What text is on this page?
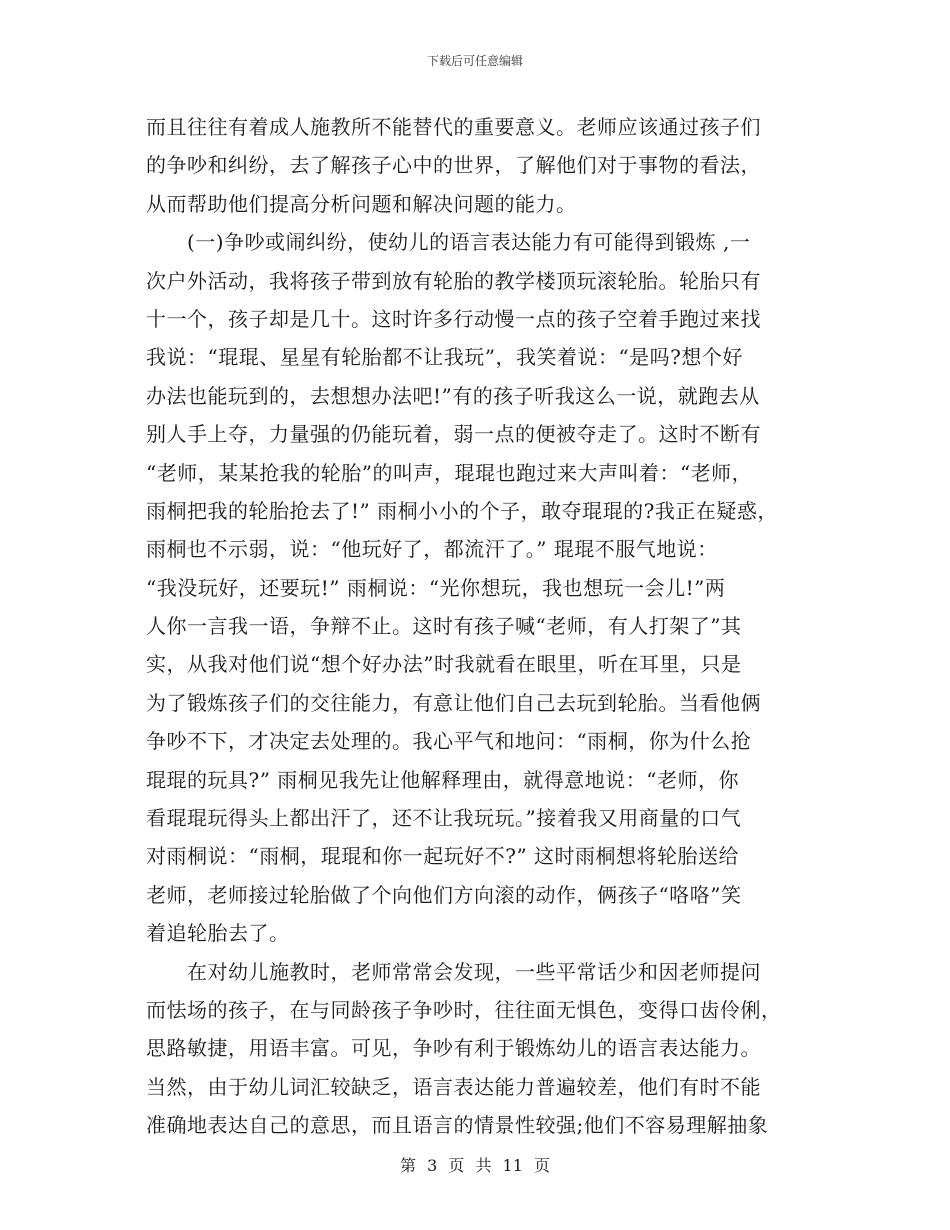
下载后可任意编辑
而且往往有着成人施教所不能替代的重要意义。老师应该通过孩子们
的争吵和纠纷，去了解孩子心中的世界，了解他们对于事物的看法，
从而帮助他们提高分析问题和解决问题的能力。
　　(一)争吵或闹纠纷，使幼儿的语言表达能力有可能得到锻炼 ,一
次户外活动，我将孩子带到放有轮胎的教学楼顶玩滚轮胎。轮胎只有
十一个，孩子却是几十。这时许多行动慢一点的孩子空着手跑过来找
我说：“琨琨、星星有轮胎都不让我玩”，我笑着说：“是吗?想个好
办法也能玩到的，去想想办法吧!”有的孩子听我这么一说，就跑去从
别人手上夺，力量强的仍能玩着，弱一点的便被夺走了。这时不断有
“老师，某某抢我的轮胎”的叫声，琨琨也跑过来大声叫着：“老师，
雨桐把我的轮胎抢去了!” 雨桐小小的个子，敢夺琨琨的?我正在疑惑，
雨桐也不示弱，说：“他玩好了，都流汗了。” 琨琨不服气地说：
“我没玩好，还要玩!” 雨桐说：“光你想玩，我也想玩一会儿!”两
人你一言我一语，争辩不止。这时有孩子喊“老师，有人打架了”其
实，从我对他们说“想个好办法”时我就看在眼里，听在耳里，只是
为了锻炼孩子们的交往能力，有意让他们自己去玩到轮胎。当看他俩
争吵不下，才决定去处理的。我心平气和地问：“雨桐，你为什么抢
琨琨的玩具?” 雨桐见我先让他解释理由，就得意地说：“老师，你
看琨琨玩得头上都出汗了，还不让我玩玩。”接着我又用商量的口气
对雨桐说：“雨桐，琨琨和你一起玩好不?” 这时雨桐想将轮胎送给
老师，老师接过轮胎做了个向他们方向滚的动作，俩孩子“咯咯”笑
着追轮胎去了。
　　在对幼儿施教时，老师常常会发现，一些平常话少和因老师提问
而怯场的孩子，在与同龄孩子争吵时，往往面无惧色，变得口齿伶俐，
思路敏捷，用语丰富。可见，争吵有利于锻炼幼儿的语言表达能力。
当然，由于幼儿词汇较缺乏，语言表达能力普遍较差，他们有时不能
准确地表达自己的意思，而且语言的情景性较强;他们不容易理解抽象
第 3 页 共 11 页
